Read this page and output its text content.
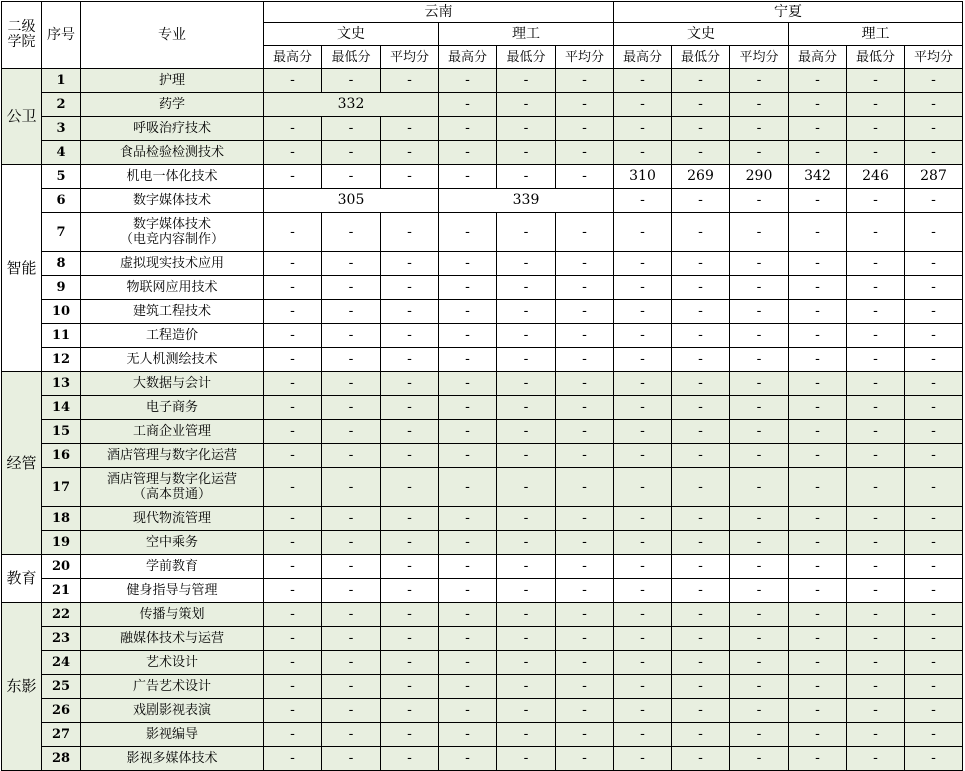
二级
学院	序号	专业	云南						宁夏					
			文史			理工			文史			理工		
			最高分	最低分	平均分	最高分	最低分	平均分	最高分	最低分	平均分	最高分	最低分	平均分
公卫	1	护理	-	-	-	-	-	-	-	-	-	-	-	-
	2	药学	332			-	-	-	-	-	-	-	-	-
	3	呼吸治疗技术	-	-	-	-	-	-	-	-	-	-	-	-
	4	食品检验检测技术	-	-	-	-	-	-	-	-	-	-	-	-
智能	5	机电一体化技术	-	-	-	-	-	-	310	269	290	342	246	287
	6	数字媒体技术	305			339			-	-	-	-	-	-
	7	数字媒体技术
（电竞内容制作）	-	-	-	-	-	-	-	-	-	-	-	-
	8	虚拟现实技术应用	-	-	-	-	-	-	-	-	-	-	-	-
	9	物联网应用技术	-	-	-	-	-	-	-	-	-	-	-	-
	10	建筑工程技术	-	-	-	-	-	-	-	-	-	-	-	-
	11	工程造价	-	-	-	-	-	-	-	-	-	-	-	-
	12	无人机测绘技术	-	-	-	-	-	-	-	-	-	-	-	-
经管	13	大数据与会计	-	-	-	-	-	-	-	-	-	-	-	-
	14	电子商务	-	-	-	-	-	-	-	-	-	-	-	-
	15	工商企业管理	-	-	-	-	-	-	-	-	-	-	-	-
	16	酒店管理与数字化运营	-	-	-	-	-	-	-	-	-	-	-	-
	17	酒店管理与数字化运营
（高本贯通）	-	-	-	-	-	-	-	-	-	-	-	-
	18	现代物流管理	-	-	-	-	-	-	-	-	-	-	-	-
	19	空中乘务	-	-	-	-	-	-	-	-	-	-	-	-
教育	20	学前教育	-	-	-	-	-	-	-	-	-	-	-	-
	21	健身指导与管理	-	-	-	-	-	-	-	-	-	-	-	-
东影	22	传播与策划	-	-	-	-	-	-	-	-	-	-	-	-
	23	融媒体技术与运营	-	-	-	-	-	-	-	-	-	-	-	-
	24	艺术设计	-	-	-	-	-	-	-	-	-	-	-	-
	25	广告艺术设计	-	-	-	-	-	-	-	-	-	-	-	-
	26	戏剧影视表演	-	-	-	-	-	-	-	-	-	-	-	-
	27	影视编导	-	-	-	-	-	-	-	-	-	-	-	-
	28	影视多媒体技术	-	-	-	-	-	-	-	-	-	-	-	-
